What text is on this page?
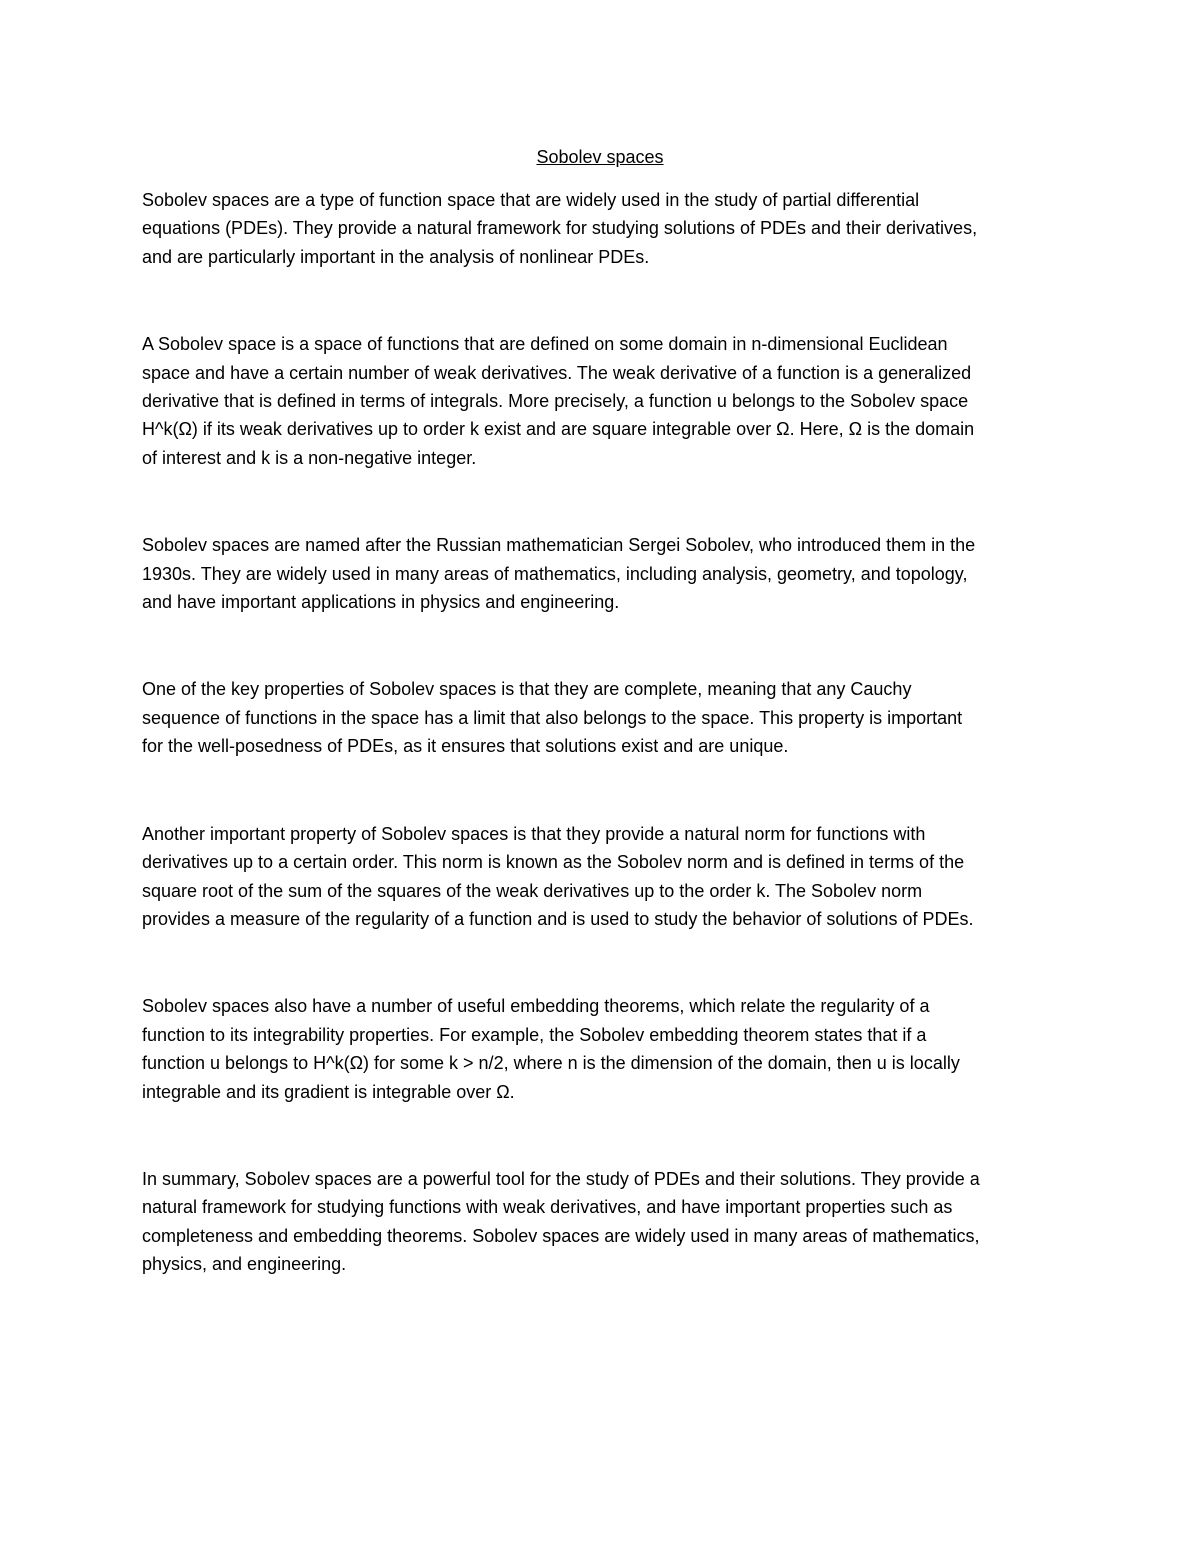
Sobolev spaces

Sobolev spaces are a type of function space that are widely used in the study of partial differential
equations (PDEs). They provide a natural framework for studying solutions of PDEs and their derivatives,
and are particularly important in the analysis of nonlinear PDEs.

A Sobolev space is a space of functions that are defined on some domain in n-dimensional Euclidean
space and have a certain number of weak derivatives. The weak derivative of a function is a generalized
derivative that is defined in terms of integrals. More precisely, a function u belongs to the Sobolev space
H^k(Ω) if its weak derivatives up to order k exist and are square integrable over Ω. Here, Ω is the domain
of interest and k is a non-negative integer.

Sobolev spaces are named after the Russian mathematician Sergei Sobolev, who introduced them in the
1930s. They are widely used in many areas of mathematics, including analysis, geometry, and topology,
and have important applications in physics and engineering.

One of the key properties of Sobolev spaces is that they are complete, meaning that any Cauchy
sequence of functions in the space has a limit that also belongs to the space. This property is important
for the well-posedness of PDEs, as it ensures that solutions exist and are unique.

Another important property of Sobolev spaces is that they provide a natural norm for functions with
derivatives up to a certain order. This norm is known as the Sobolev norm and is defined in terms of the
square root of the sum of the squares of the weak derivatives up to the order k. The Sobolev norm
provides a measure of the regularity of a function and is used to study the behavior of solutions of PDEs.

Sobolev spaces also have a number of useful embedding theorems, which relate the regularity of a
function to its integrability properties. For example, the Sobolev embedding theorem states that if a
function u belongs to H^k(Ω) for some k > n/2, where n is the dimension of the domain, then u is locally
integrable and its gradient is integrable over Ω.

In summary, Sobolev spaces are a powerful tool for the study of PDEs and their solutions. They provide a
natural framework for studying functions with weak derivatives, and have important properties such as
completeness and embedding theorems. Sobolev spaces are widely used in many areas of mathematics,
physics, and engineering.
